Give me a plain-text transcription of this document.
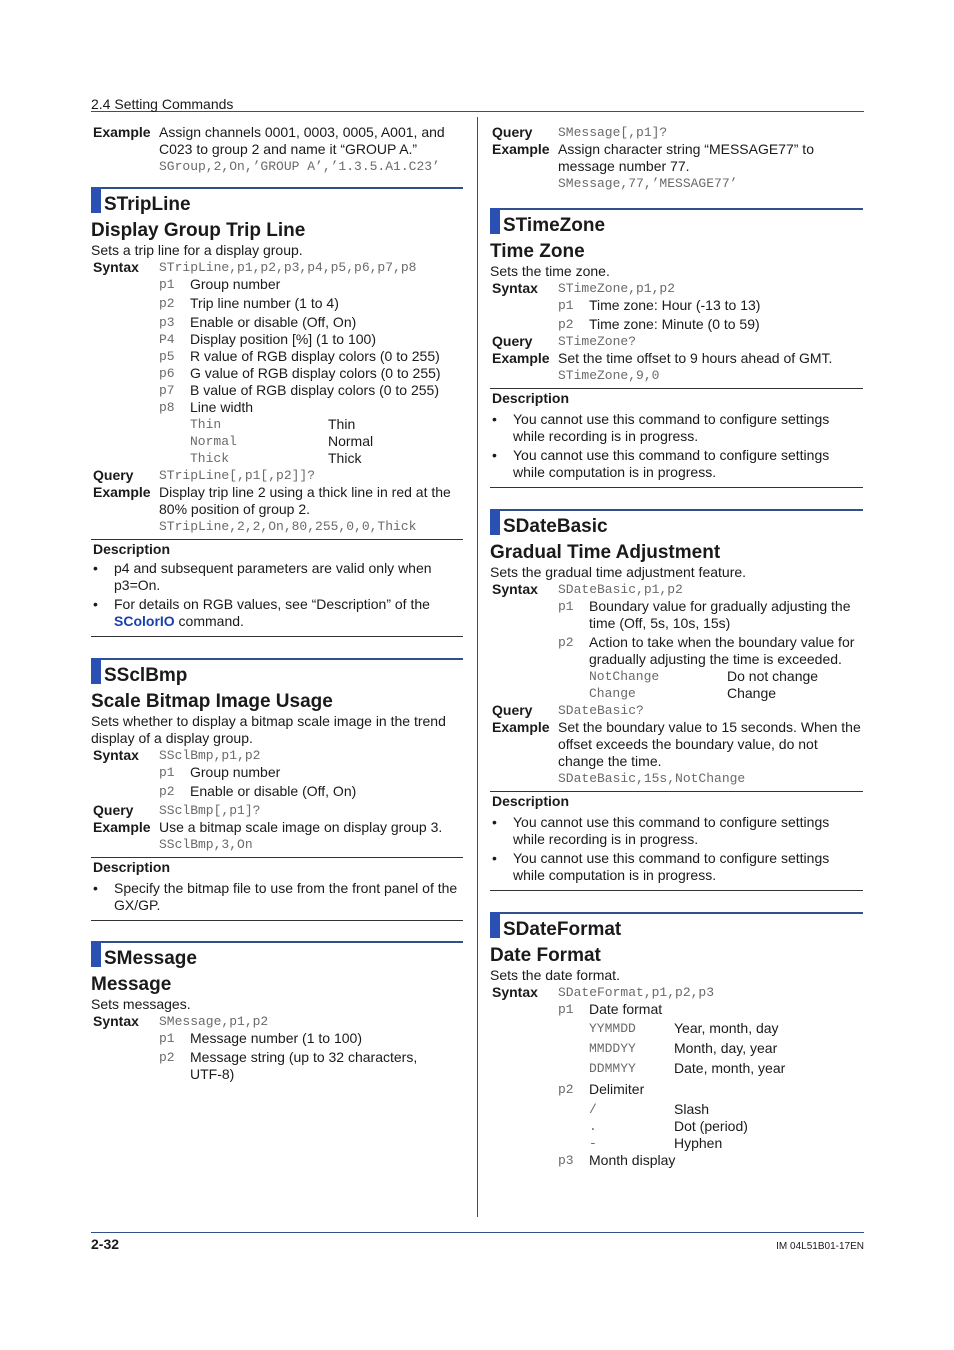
2.4 Setting Commands
Example Assign channels 0001, 0003, 0005, A001, and C023 to group 2 and name it “GROUP A.”
SGroup,2,On,’GROUP A’,’1.3.5.A1.C23’
STripLine
Display Group Trip Line
Sets a trip line for a display group.
Syntax	STripLine,p1,p2,p3,p4,p5,p6,p7,p8
p1	Group number
p2	Trip line number (1 to 4)
p3	Enable or disable (Off, On)
P4	Display position [%] (1 to 100)
p5	R value of RGB display colors (0 to 255)
p6	G value of RGB display colors (0 to 255)
p7	B value of RGB display colors (0 to 255)
p8	Line width
Thin	Thin
Normal	Normal
Thick	Thick
Query	STripLine[,p1[,p2]]?
Example Display trip line 2 using a thick line in red at the 80% position of group 2.
STripLine,2,2,On,80,255,0,0,Thick
Description
•	p4 and subsequent parameters are valid only when p3=On.
•	For details on RGB values, see “Description” of the SColorIO command.
SSclBmp
Scale Bitmap Image Usage
Sets whether to display a bitmap scale image in the trend display of a display group.
Syntax	SSclBmp,p1,p2
p1	Group number
p2	Enable or disable (Off, On)
Query	SSclBmp[,p1]?
Example Use a bitmap scale image on display group 3.
SSclBmp,3,On
Description
•	Specify the bitmap file to use from the front panel of the GX/GP.
SMessage
Message
Sets messages.
Syntax	SMessage,p1,p2
p1	Message number (1 to 100)
p2	Message string (up to 32 characters, UTF-8)
Query	SMessage[,p1]?
Example Assign character string “MESSAGE77” to message number 77.
SMessage,77,’MESSAGE77’
STimeZone
Time Zone
Sets the time zone.
Syntax	STimeZone,p1,p2
p1	Time zone: Hour (-13 to 13)
p2	Time zone: Minute (0 to 59)
Query	STimeZone?
Example Set the time offset to 9 hours ahead of GMT.
STimeZone,9,0
Description
•	You cannot use this command to configure settings while recording is in progress.
•	You cannot use this command to configure settings while computation is in progress.
SDateBasic
Gradual Time Adjustment
Sets the gradual time adjustment feature.
Syntax	SDateBasic,p1,p2
p1	Boundary value for gradually adjusting the time (Off, 5s, 10s, 15s)
p2	Action to take when the boundary value for gradually adjusting the time is exceeded.
NotChange	Do not change
Change	Change
Query	SDateBasic?
Example Set the boundary value to 15 seconds. When the offset exceeds the boundary value, do not change the time.
SDateBasic,15s,NotChange
Description
•	You cannot use this command to configure settings while recording is in progress.
•	You cannot use this command to configure settings while computation is in progress.
SDateFormat
Date Format
Sets the date format.
Syntax	SDateFormat,p1,p2,p3
p1	Date format
YYMMDD	Year, month, day
MMDDYY	Month, day, year
DDMMYY	Date, month, year
p2	Delimiter
/	Slash
.	Dot (period)
-	Hyphen
p3	Month display
2-32	IM 04L51B01-17EN
